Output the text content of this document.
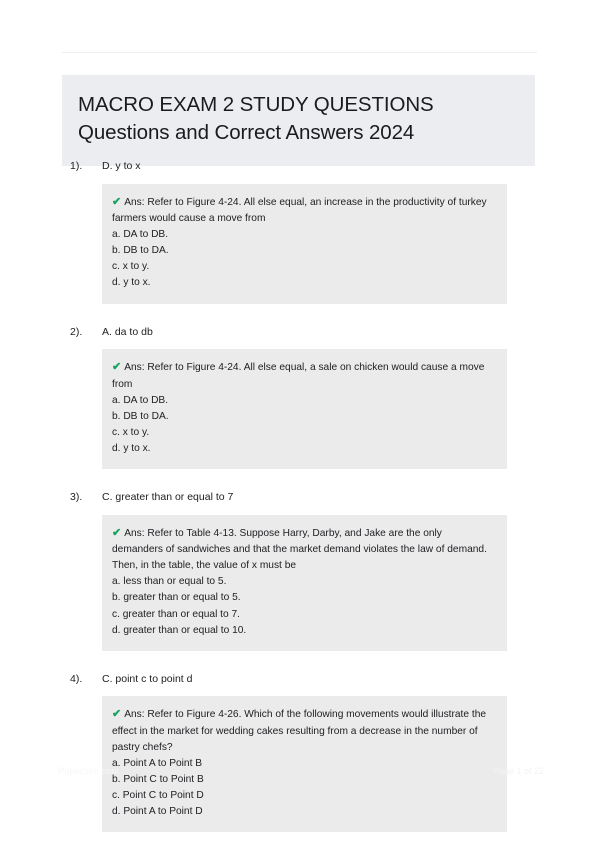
MACRO EXAM 2 STUDY QUESTIONS Questions and Correct Answers 2024
1).	D. y to x

✔ Ans: Refer to Figure 4-24. All else equal, an increase in the productivity of turkey farmers would cause a move from

a. DA to DB.
b. DB to DA.
c. x to y.
d. y to x.
2).	A. da to db

✔ Ans: Refer to Figure 4-24. All else equal, a sale on chicken would cause a move from

a. DA to DB.
b. DB to DA.
c. x to y.
d. y to x.
3).	C. greater than or equal to 7

✔ Ans: Refer to Table 4-13. Suppose Harry, Darby, and Jake are the only demanders of sandwiches and that the market demand violates the law of demand. Then, in the table, the value of x must be

a. less than or equal to 5.
b. greater than or equal to 5.
c. greater than or equal to 7.
d. greater than or equal to 10.
4).	C. point c to point d

✔ Ans: Refer to Figure 4-26. Which of the following movements would illustrate the effect in the market for wedding cakes resulting from a decrease in the number of pastry chefs?

a. Point A to Point B
b. Point C to Point B
c. Point C to Point D
d. Point A to Point D
PaperStic.com	Page 1 of 22
